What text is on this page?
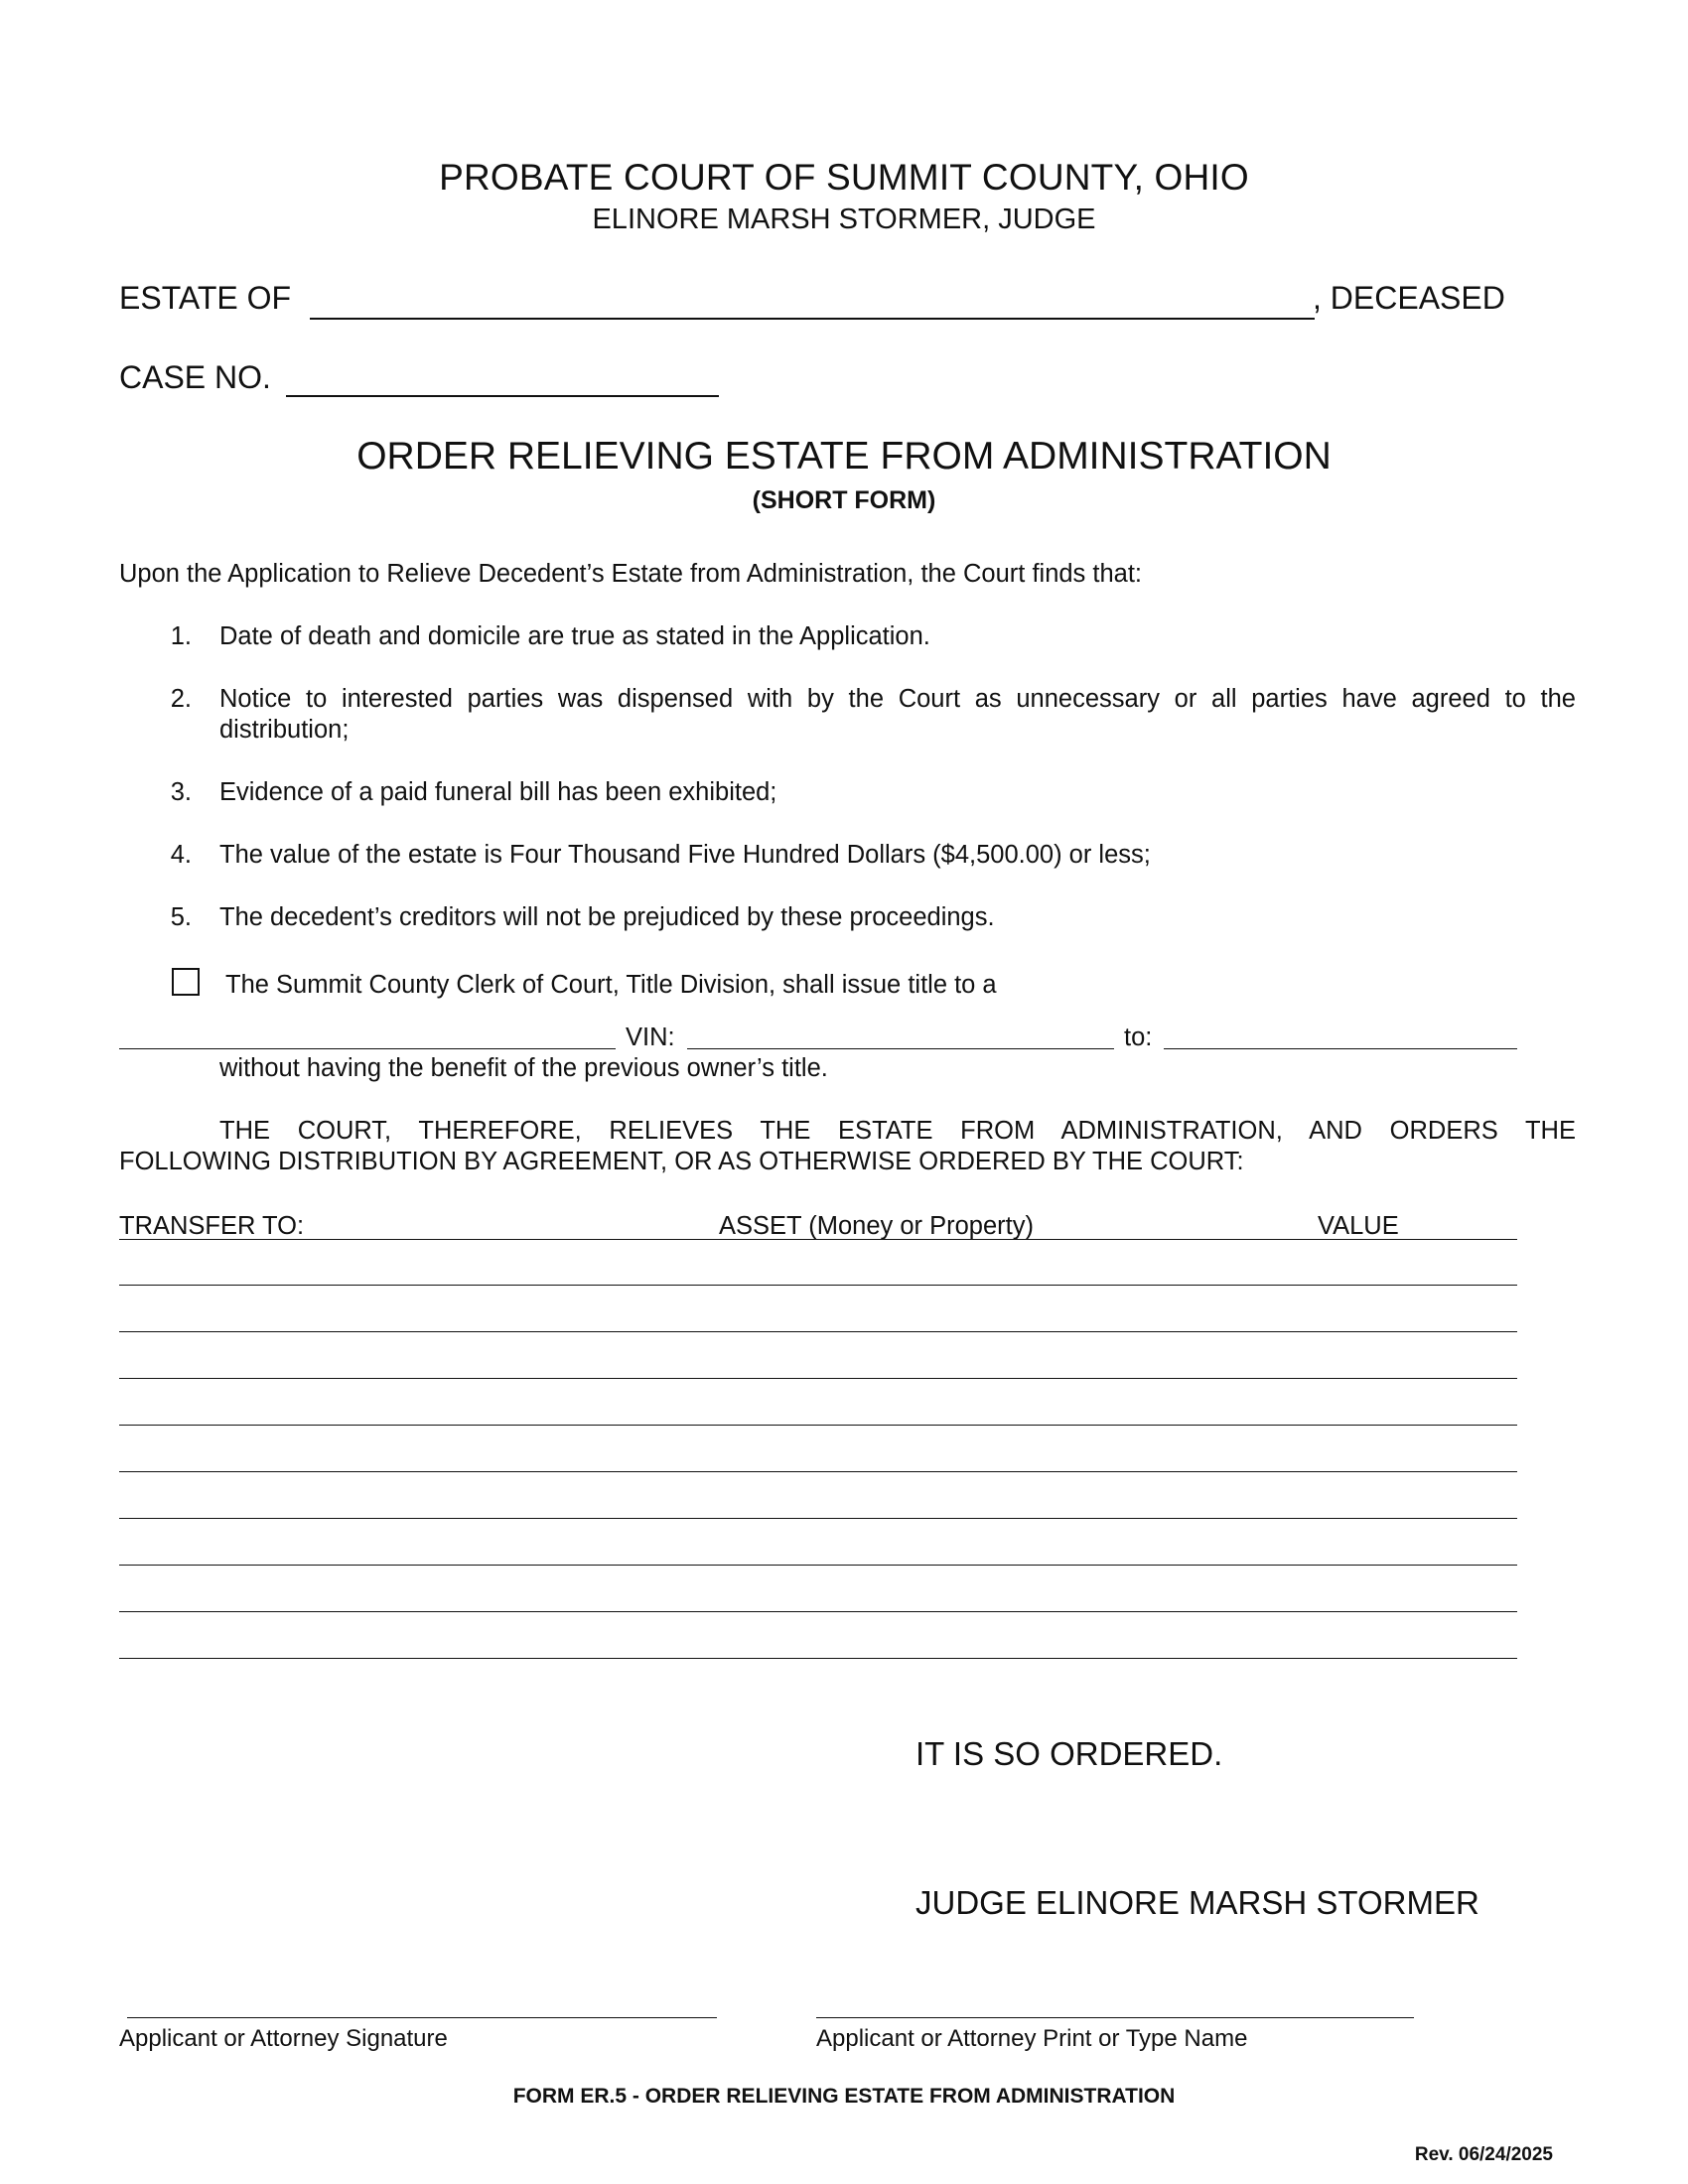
PROBATE COURT OF SUMMIT COUNTY, OHIO
ELINORE MARSH STORMER, JUDGE
ESTATE OF	, DECEASED
CASE NO.
ORDER RELIEVING ESTATE FROM ADMINISTRATION
(SHORT FORM)
Upon the Application to Relieve Decedent’s Estate from Administration, the Court finds that:
1. Date of death and domicile are true as stated in the Application.
2. Notice to interested parties was dispensed with by the Court as unnecessary or all parties have agreed to the
distribution;
3. Evidence of a paid funeral bill has been exhibited;
4. The value of the estate is Four Thousand Five Hundred Dollars ($4,500.00) or less;
5. The decedent’s creditors will not be prejudiced by these proceedings.
The Summit County Clerk of Court, Title Division, shall issue title to a
VIN:	to:
without having the benefit of the previous owner’s title.
THE COURT, THEREFORE, RELIEVES THE ESTATE FROM ADMINISTRATION, AND ORDERS THE
FOLLOWING DISTRIBUTION BY AGREEMENT, OR AS OTHERWISE ORDERED BY THE COURT:
TRANSFER TO:	ASSET (Money or Property)	VALUE
IT IS SO ORDERED.
JUDGE ELINORE MARSH STORMER
Applicant or Attorney Signature	Applicant or Attorney Print or Type Name
FORM ER.5 - ORDER RELIEVING ESTATE FROM ADMINISTRATION
Rev. 06/24/2025
